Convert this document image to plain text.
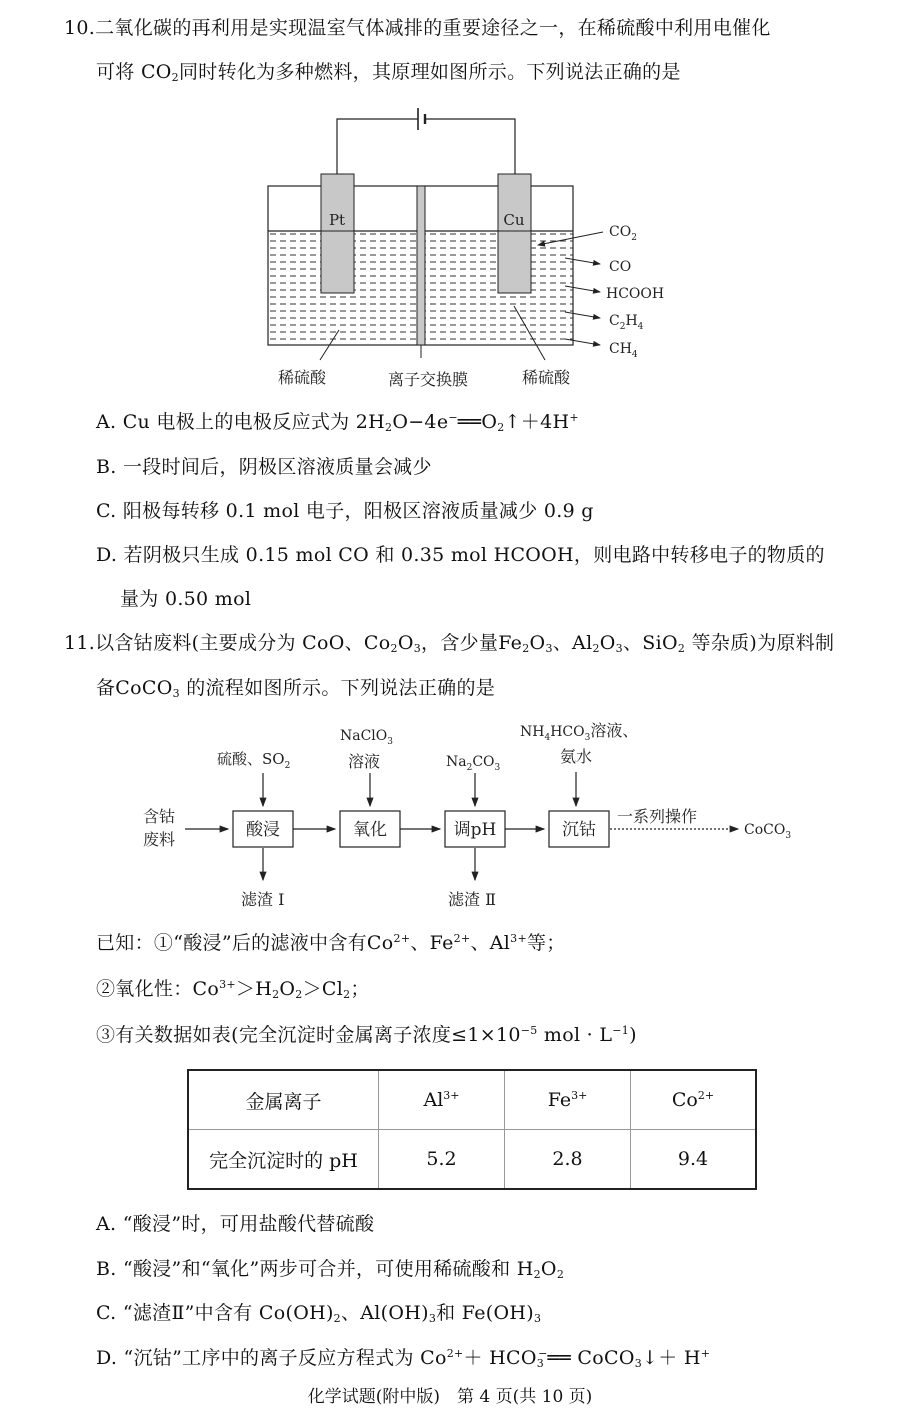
10.二氧化碳的再利用是实现温室气体减排的重要途径之一，在稀硫酸中利用电催化
可将 $CO_2$同时转化为多种燃料，其原理如图所示。下列说法正确的是
Pt	Cu
$CO_2$
CO
HCOOH
$C_2H_4$
$CH_4$
稀硫酸	离子交换膜	稀硫酸
A. Cu 电极上的电极反应式为 $2H_2O-4e^-══O_2↑+4H^+$
B. 一段时间后，阴极区溶液质量会减少
C. 阳极每转移 0.1 mol 电子，阳极区溶液质量减少 0.9 g
D. 若阴极只生成 0.15 mol CO 和 0.35 mol HCOOH，则电路中转移电子的物质的
量为 0.50 mol
11.以含钴废料(主要成分为 CoO、$Co_2O_3$，含少量$Fe_2O_3$、$Al_2O_3$、SiO$_2$ 等杂质)为原料制
备CoCO$_3$ 的流程如图所示。下列说法正确的是
含钴
废料	酸浸	氧化	调pH	沉钴
一系列操作
CoCO$_3$
硫酸、$SO_2$
NaClO$_3$
溶液	$Na_2CO_3$
$NH_4HCO_3$溶液、
氨水
滤渣 Ⅰ	滤渣 Ⅱ
已知：①“酸浸”后的滤液中含有$Co^{2+}$、$Fe^{2+}$、$Al^{3+}$等；
②氧化性：$Co^{3+}>H_2O_2>Cl_2$；
③有关数据如表(完全沉淀时金属离子浓度$\le 1\times 10^{-5}$ mol · $L^{-1}$)
金属离子	$Al^{3+}$	$Fe^{3+}$	$Co^{2+}$
完全沉淀时的 pH	5.2	2.8	9.4
A. “酸浸”时，可用盐酸代替硫酸
B. “酸浸”和“氧化”两步可合并，可使用稀硫酸和 $H_2O_2$
C. “滤渣Ⅱ”中含有 $Co(OH)_2$、$Al(OH)_3$和 $Fe(OH)_3$
D. “沉钴”工序中的离子反应方程式为 $Co^{2+}+$ $HCO_3^-══$ CoCO$_3$↓＋ H+
化学试题(附中版)　第 4 页(共 10 页)
